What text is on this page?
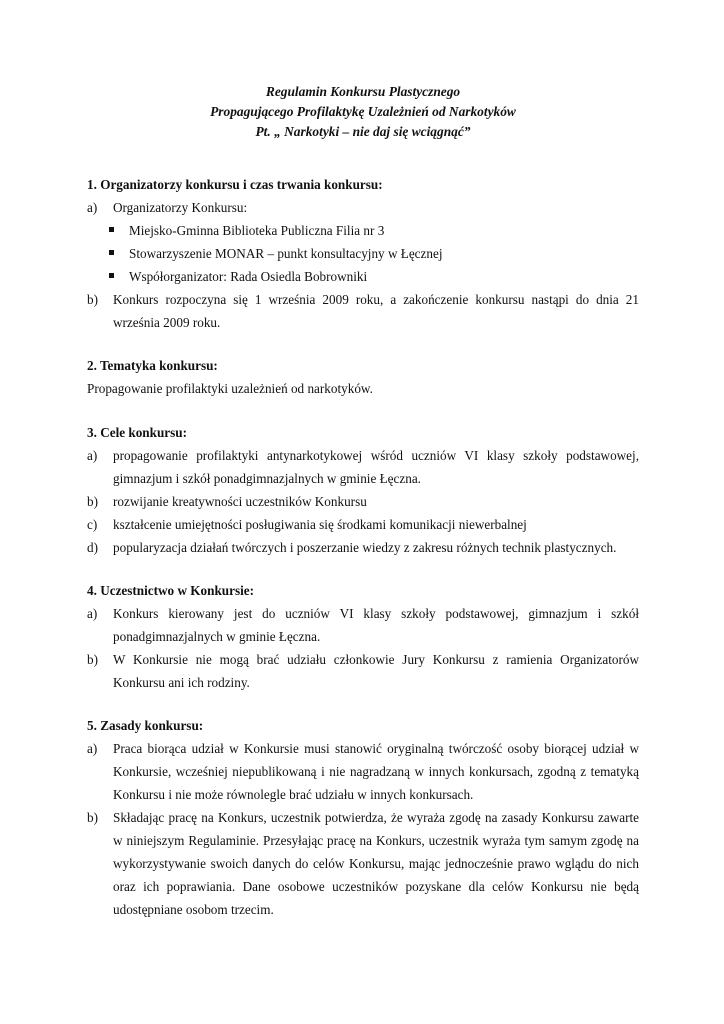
Regulamin Konkursu Plastycznego

Propagującego Profilaktykę Uzależnień od Narkotyków

Pt. „ Narkotyki – nie daj się wciągnąć”

1. Organizatorzy konkursu i czas trwania konkursu:

a) Organizatorzy Konkursu:
Miejsko-Gminna Biblioteka Publiczna Filia nr 3
Stowarzyszenie MONAR – punkt konsultacyjny w Łęcznej
Współorganizator: Rada Osiedla Bobrowniki
b) Konkurs rozpoczyna się 1 września 2009 roku, a zakończenie konkursu nastąpi do dnia 21 września 2009 roku.

2. Tematyka konkursu:

Propagowanie profilaktyki uzależnień od narkotyków.

3. Cele konkursu:

a) propagowanie profilaktyki antynarkotykowej wśród uczniów VI klasy szkoły podstawowej, gimnazjum i szkół ponadgimnazjalnych w gminie Łęczna.
b) rozwijanie kreatywności uczestników Konkursu
c) kształcenie umiejętności posługiwania się środkami komunikacji niewerbalnej
d) popularyzacja działań twórczych i poszerzanie wiedzy z zakresu różnych technik plastycznych.

4. Uczestnictwo w Konkursie:

a) Konkurs kierowany jest do uczniów VI klasy szkoły podstawowej, gimnazjum i szkół ponadgimnazjalnych w gminie Łęczna.
b) W Konkursie nie mogą brać udziału członkowie Jury Konkursu z ramienia Organizatorów Konkursu ani ich rodziny.

5. Zasady konkursu:

a) Praca biorąca udział w Konkursie musi stanowić oryginalną twórczość osoby biorącej udział w Konkursie, wcześniej niepublikowaną i nie nagradzaną w innych konkursach, zgodną z tematyką Konkursu i nie może równolegle brać udziału w innych konkursach.
b) Składając pracę na Konkurs, uczestnik potwierdza, że wyraża zgodę na zasady Konkursu zawarte w niniejszym Regulaminie. Przesyłając pracę na Konkurs, uczestnik wyraża tym samym zgodę na wykorzystywanie swoich danych do celów Konkursu, mając jednocześnie prawo wglądu do nich oraz ich poprawiania. Dane osobowe uczestników pozyskane dla celów Konkursu nie będą udostępniane osobom trzecim.
